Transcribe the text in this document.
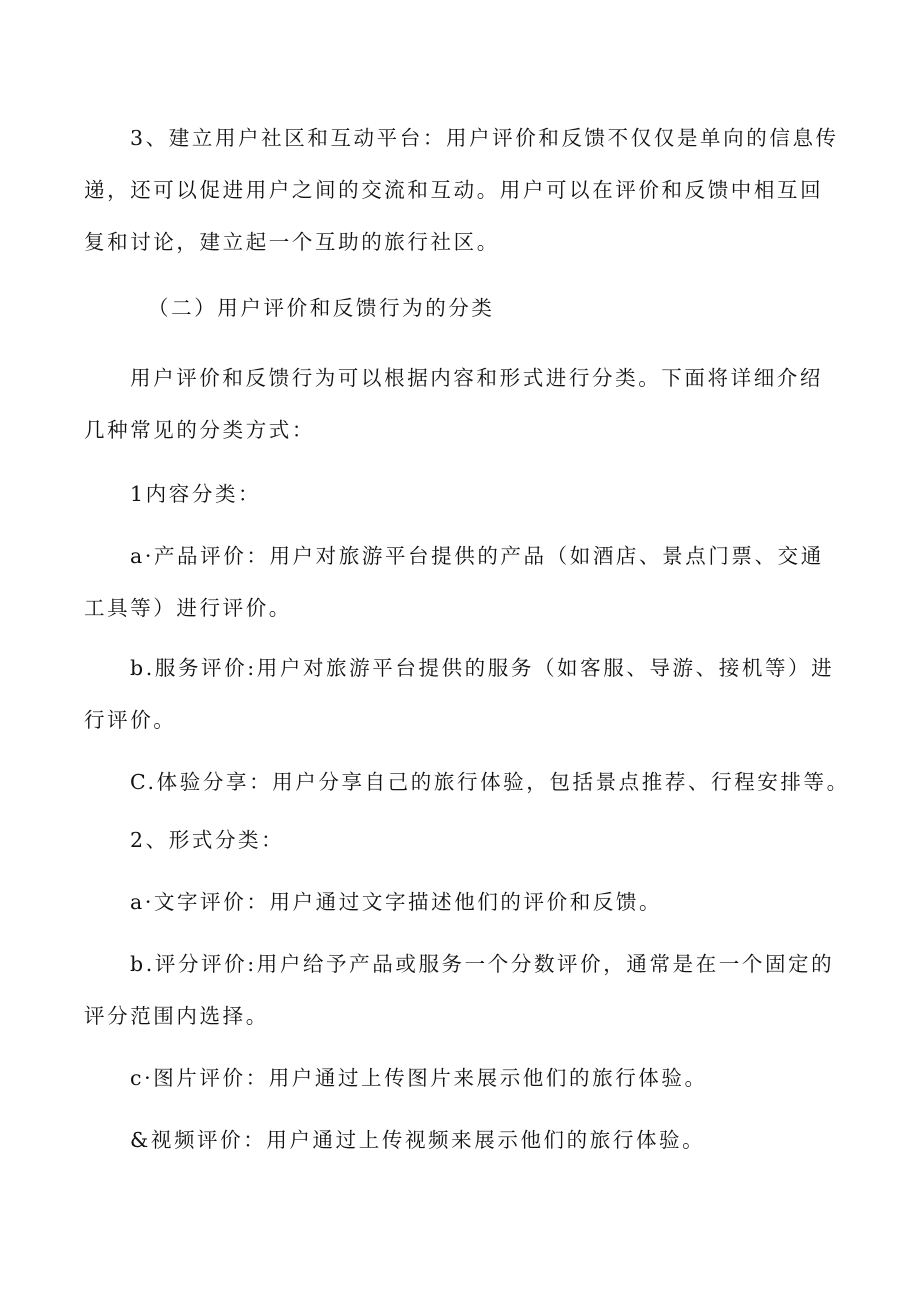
3、建立用户社区和互动平台：用户评价和反馈不仅仅是单向的信息传递，还可以促进用户之间的交流和互动。用户可以在评价和反馈中相互回复和讨论，建立起一个互助的旅行社区。

（二）用户评价和反馈行为的分类

用户评价和反馈行为可以根据内容和形式进行分类。下面将详细介绍几种常见的分类方式：

1内容分类：

a·产品评价：用户对旅游平台提供的产品（如酒店、景点门票、交通工具等）进行评价。

b.服务评价:用户对旅游平台提供的服务（如客服、导游、接机等）进行评价。

C.体验分享：用户分享自己的旅行体验，包括景点推荐、行程安排等。

2、形式分类：

a·文字评价：用户通过文字描述他们的评价和反馈。

b.评分评价:用户给予产品或服务一个分数评价，通常是在一个固定的评分范围内选择。

c·图片评价：用户通过上传图片来展示他们的旅行体验。

&视频评价：用户通过上传视频来展示他们的旅行体验。
